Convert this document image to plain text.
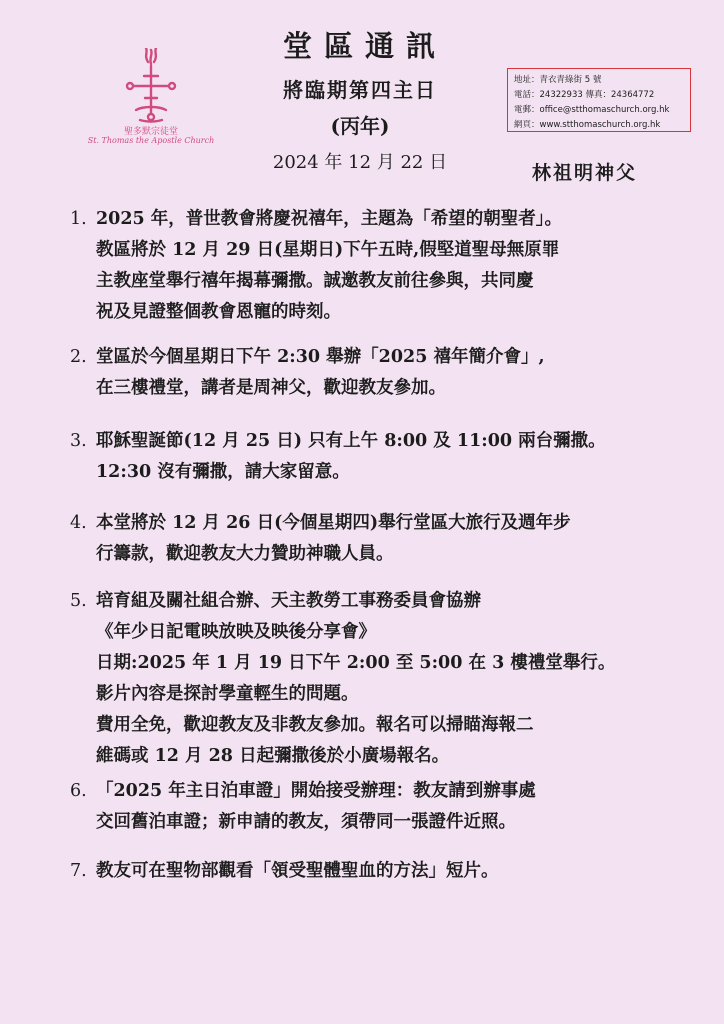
聖多默宗徒堂
St. Thomas the Apostle Church
堂區通訊
將臨期第四主日
(丙年)
2024 年 12 月 22 日
地址：青衣青綠街 5 號
電話：24322933 傳真：24364772
電郵：office@stthomaschurch.org.hk
網頁：www.stthomaschurch.org.hk
林祖明神父
1. 2025 年，普世教會將慶祝禧年，主題為「希望的朝聖者」。
教區將於 12 月 29 日(星期日)下午五時,假堅道聖母無原罪
主教座堂舉行禧年揭幕彌撒。誠邀教友前往參與，共同慶
祝及見證整個教會恩寵的時刻。
2. 堂區於今個星期日下午 2:30 舉辦「2025 禧年簡介會」,
在三樓禮堂，講者是周神父，歡迎教友參加。
3. 耶穌聖誕節(12 月 25 日) 只有上午 8:00 及 11:00 兩台彌撒。
12:30 沒有彌撒，請大家留意。
4. 本堂將於 12 月 26 日(今個星期四)舉行堂區大旅行及週年步
行籌款，歡迎教友大力贊助神職人員。
5. 培育組及關社組合辦、天主教勞工事務委員會協辦
《年少日記電映放映及映後分享會》
日期:2025 年 1 月 19 日下午 2:00 至 5:00 在 3 樓禮堂舉行。
影片內容是探討學童輕生的問題。
費用全免，歡迎教友及非教友參加。報名可以掃瞄海報二
維碼或 12 月 28 日起彌撒後於小廣場報名。
6. 「2025 年主日泊車證」開始接受辦理：教友請到辦事處
交回舊泊車證；新申請的教友，須帶同一張證件近照。
7. 教友可在聖物部觀看「領受聖體聖血的方法」短片。
